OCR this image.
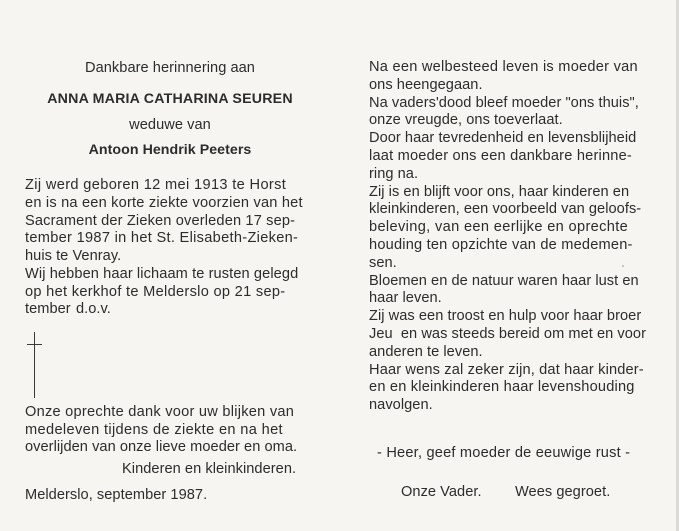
Dankbare herinnering aan
ANNA MARIA CATHARINA SEUREN
weduwe van
Antoon Hendrik Peeters
Zij werd geboren 12 mei 1913 te Horst
en is na een korte ziekte voorzien van het
Sacrament der Zieken overleden 17 sep-
tember 1987 in het St. Elisabeth-Zieken-
huis te Venray.
Wij hebben haar lichaam te rusten gelegd
op het kerkhof te Melderslo op 21 sep-
tember d.o.v.
Onze oprechte dank voor uw blijken van
medeleven tijdens de ziekte en na het
overlijden van onze lieve moeder en oma.
Kinderen en kleinkinderen.
Melderslo, september 1987.
Na een welbesteed leven is moeder van
ons heengegaan.
Na vaders'dood bleef moeder "ons thuis",
onze vreugde, ons toeverlaat.
Door haar tevredenheid en levensblijheid
laat moeder ons een dankbare herinne-
ring na.
Zij is en blijft voor ons, haar kinderen en
kleinkinderen, een voorbeeld van geloofs-
beleving, van een eerlijke en oprechte
houding ten opzichte van de medemen-
sen.
Bloemen en de natuur waren haar lust en
haar leven.
Zij was een troost en hulp voor haar broer
Jeu  en was steeds bereid om met en voor
anderen te leven.
Haar wens zal zeker zijn, dat haar kinder-
en en kleinkinderen haar levenshouding
navolgen.
- Heer, geef moeder de eeuwige rust -
Onze Vader. Wees gegroet.
